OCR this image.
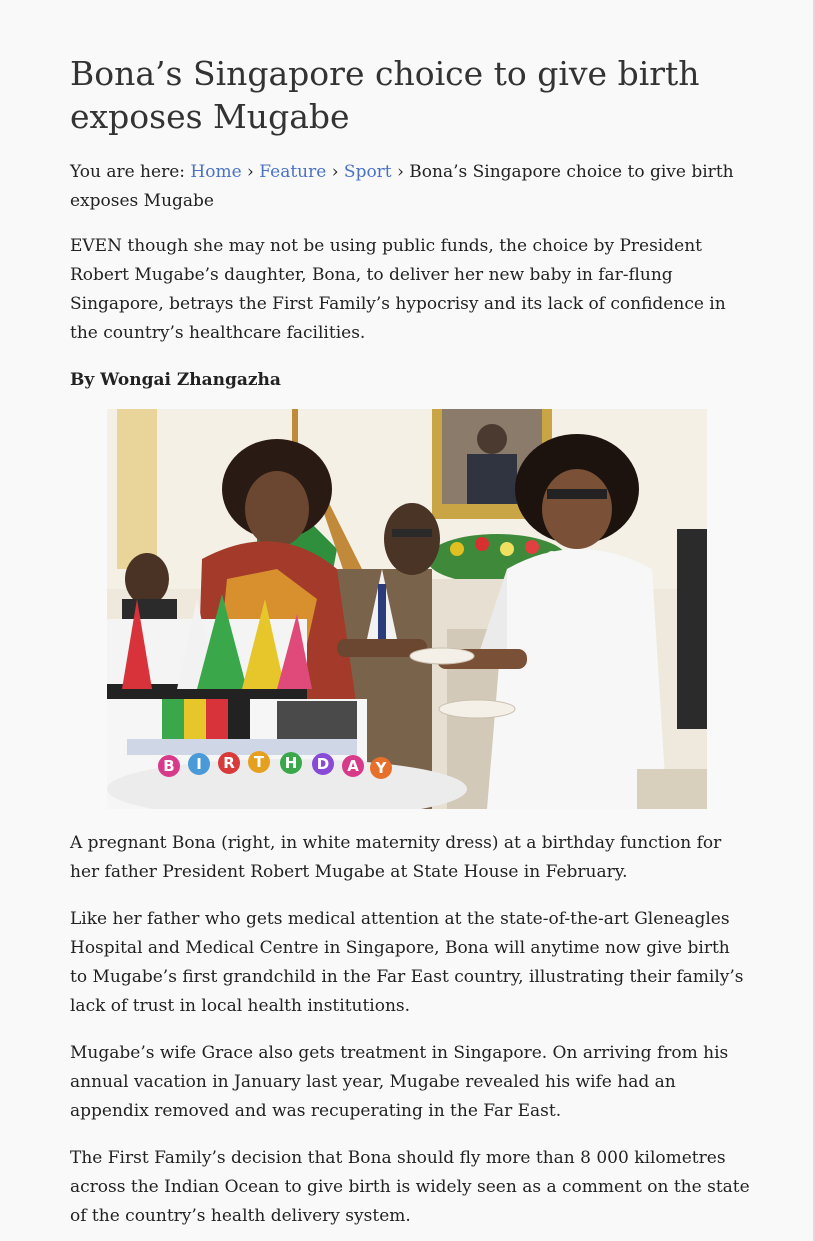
Bona’s Singapore choice to give birth exposes Mugabe
You are here: Home › Feature › Sport › Bona’s Singapore choice to give birth exposes Mugabe

EVEN though she may not be using public funds, the choice by President Robert Mugabe’s daughter, Bona, to deliver her new baby in far-flung Singapore, betrays the First Family’s hypocrisy and its lack of confidence in the country’s healthcare facilities.

By Wongai Zhangazha

B I R T H D A Y

A pregnant Bona (right, in white maternity dress) at a birthday function for her father President Robert Mugabe at State House in February.

Like her father who gets medical attention at the state-of-the-art Gleneagles Hospital and Medical Centre in Singapore, Bona will anytime now give birth to Mugabe’s first grandchild in the Far East country, illustrating their family’s lack of trust in local health institutions.

Mugabe’s wife Grace also gets treatment in Singapore. On arriving from his annual vacation in January last year, Mugabe revealed his wife had an appendix removed and was recuperating in the Far East.

The First Family’s decision that Bona should fly more than 8 000 kilometres across the Indian Ocean to give birth is widely seen as a comment on the state of the country’s health delivery system.
